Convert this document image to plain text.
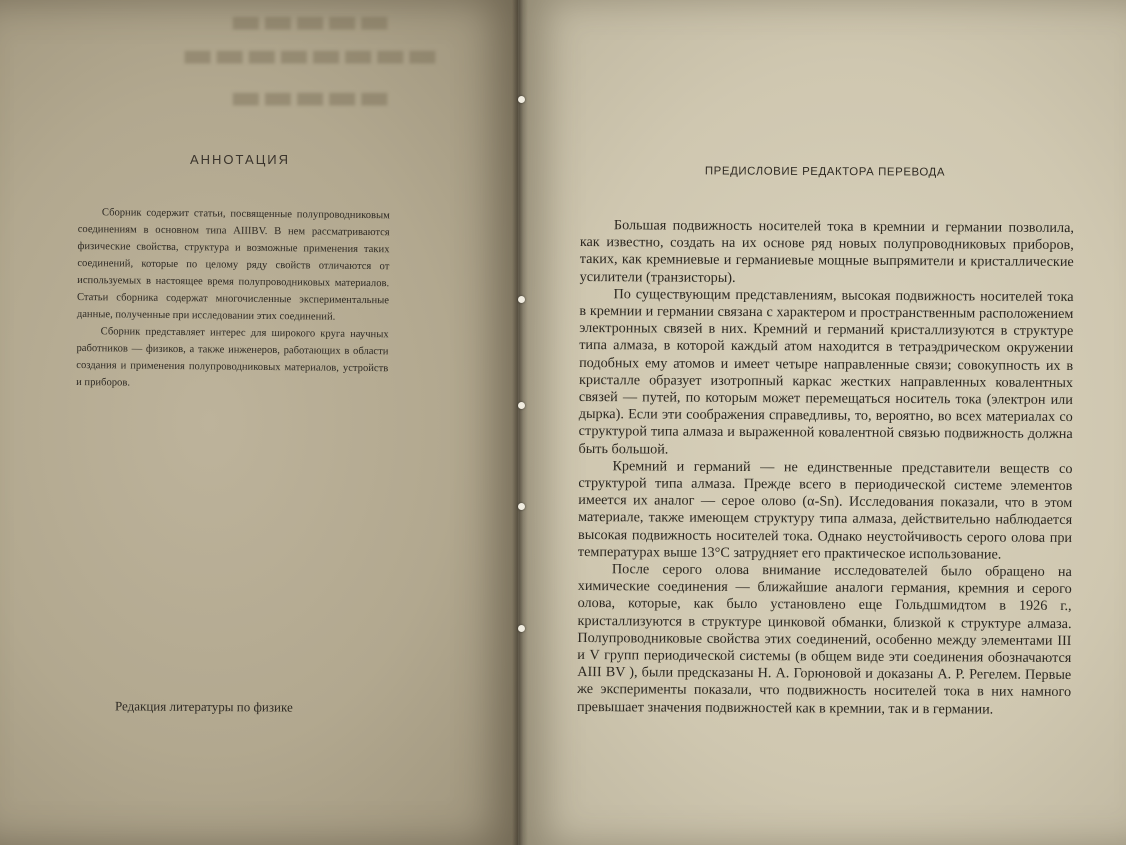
▬▬▬▬▬
▬▬▬▬▬▬▬▬
▬▬▬▬▬
АННОТАЦИЯ

Сборник содержит статьи, посвященные полупроводниковым соединениям в основном типа AIIIBV. В нем рассматриваются физические свойства, структура и возможные применения таких соединений, которые по целому ряду свойств отличаются от используемых в настоящее время полупроводниковых материалов. Статьи сборника содержат многочисленные экспериментальные данные, полученные при исследовании этих соединений.

Сборник представляет интерес для широкого круга научных работников — физиков, а также инженеров, работающих в области создания и применения полупроводниковых материалов, устройств и приборов.

Редакция литературы по физике
ПРЕДИСЛОВИЕ РЕДАКТОРА ПЕРЕВОДА

Большая подвижность носителей тока в кремнии и германии позволила, как известно, создать на их основе ряд новых полупроводниковых приборов, таких, как кремниевые и германиевые мощные выпрямители и кристаллические усилители (транзисторы).

По существующим представлениям, высокая подвижность носителей тока в кремнии и германии связана с характером и пространственным расположением электронных связей в них. Кремний и германий кристаллизуются в структуре типа алмаза, в которой каждый атом находится в тетраэдрическом окружении подобных ему атомов и имеет четыре направленные связи; совокупность их в кристалле образует изотропный каркас жестких направленных ковалентных связей — путей, по которым может перемещаться носитель тока (электрон или дырка). Если эти соображения справедливы, то, вероятно, во всех материалах со структурой типа алмаза и выраженной ковалентной связью подвижность должна быть большой.

Кремний и германий — не единственные представители веществ со структурой типа алмаза. Прежде всего в периодической системе элементов имеется их аналог — серое олово (α-Sn). Исследования показали, что в этом материале, также имеющем структуру типа алмаза, действительно наблюдается высокая подвижность носителей тока. Однако неустойчивость серого олова при температурах выше 13°C затрудняет его практическое использование.

После серого олова внимание исследователей было обращено на химические соединения — ближайшие аналоги германия, кремния и серого олова, которые, как было установлено еще Гольдшмидтом в 1926 г., кристаллизуются в структуре цинковой обманки, близкой к структуре алмаза. Полупроводниковые свойства этих соединений, особенно между элементами III и V групп периодической системы (в общем виде эти соединения обозначаются AIII BV ), были предсказаны Н. А. Горюновой и доказаны А. Р. Регелем. Первые же эксперименты показали, что подвижность носителей тока в них намного превышает значения подвижностей как в кремнии, так и в германии.
